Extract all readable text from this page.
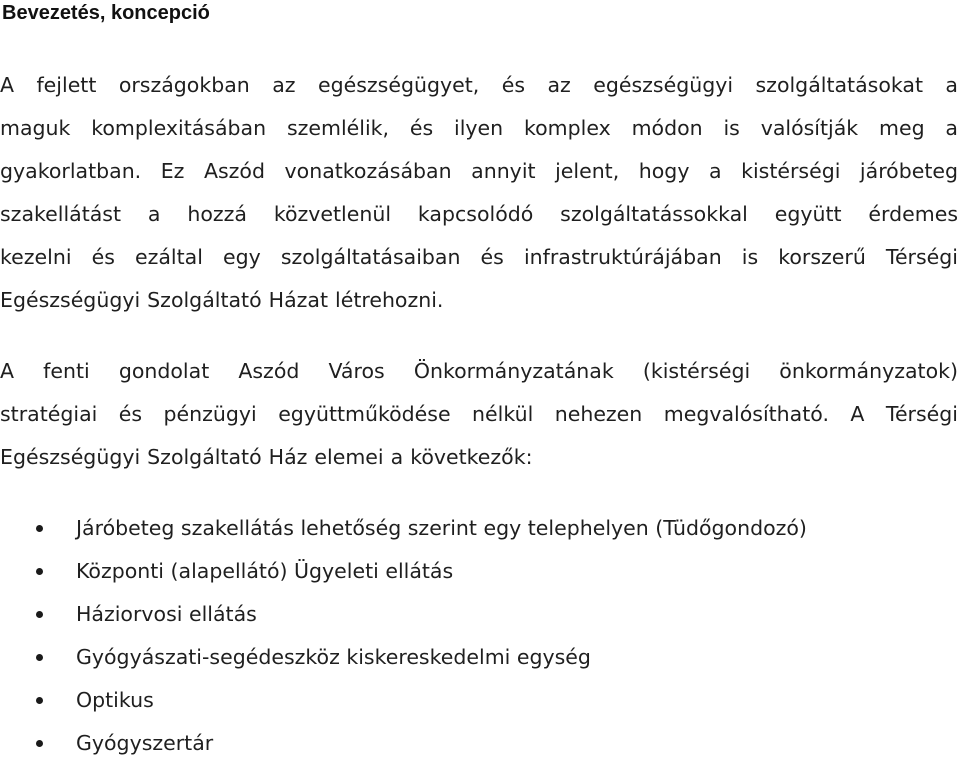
Bevezetés, koncepció

A fejlett országokban az egészségügyet, és az egészségügyi szolgáltatásokat a
maguk komplexitásában szemlélik, és ilyen komplex módon is valósítják meg a
gyakorlatban. Ez Aszód vonatkozásában annyit jelent, hogy a kistérségi járóbeteg
szakellátást a hozzá közvetlenül kapcsolódó szolgáltatássokkal együtt érdemes
kezelni és ezáltal egy szolgáltatásaiban és infrastruktúrájában is korszerű Térségi
Egészségügyi Szolgáltató Házat létrehozni.

A fenti gondolat Aszód Város Önkormányzatának (kistérségi önkormányzatok)
stratégiai és pénzügyi együttműködése nélkül nehezen megvalósítható. A Térségi
Egészségügyi Szolgáltató Ház elemei a következők:

Járóbeteg szakellátás lehetőség szerint egy telephelyen (Tüdőgondozó)
Központi (alapellátó) Ügyeleti ellátás
Háziorvosi ellátás
Gyógyászati-segédeszköz kiskereskedelmi egység
Optikus
Gyógyszertár
